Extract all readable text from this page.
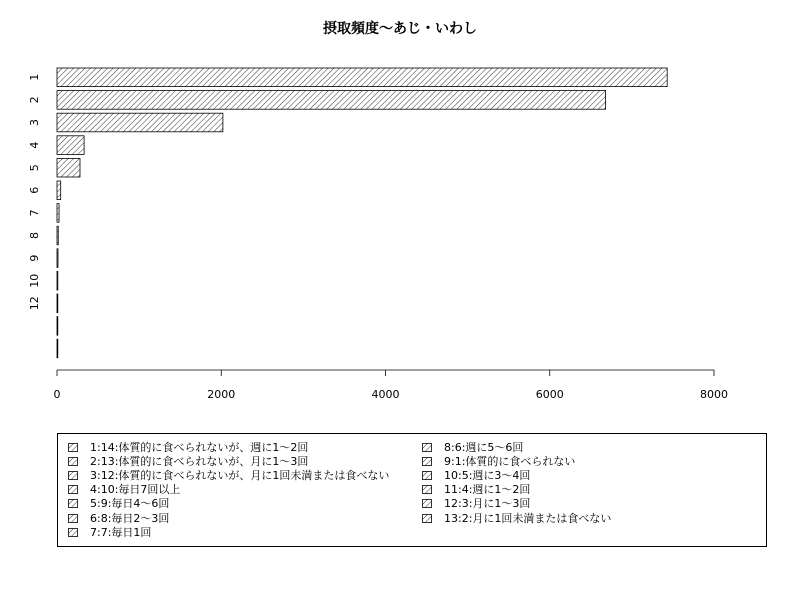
摂取頻度〜あじ・いわし
0	2000	4000	6000	8000
1
2
3
4
5
6
7
8
9
10
12
1:14:体質的に食べられないが、週に1〜2回
2:13:体質的に食べられないが、月に1〜3回
3:12:体質的に食べられないが、月に1回未満または食べない
4:10:毎日7回以上
5:9:毎日4〜6回
6:8:毎日2〜3回
7:7:毎日1回
8:6:週に5〜6回
9:1:体質的に食べられない
10:5:週に3〜4回
11:4:週に1〜2回
12:3:月に1〜3回
13:2:月に1回未満または食べない
